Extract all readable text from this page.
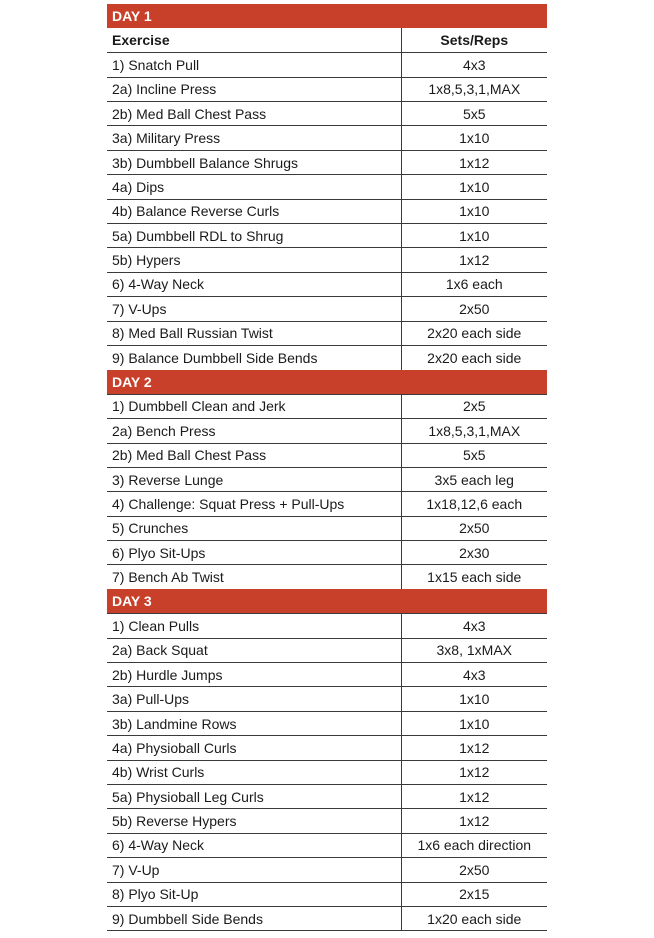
DAY 1	
Exercise	Sets/Reps
1) Snatch Pull	4x3
2a) Incline Press	1x8,5,3,1,MAX
2b) Med Ball Chest Pass	5x5
3a) Military Press	1x10
3b) Dumbbell Balance Shrugs	1x12
4a) Dips	1x10
4b) Balance Reverse Curls	1x10
5a) Dumbbell RDL to Shrug	1x10
5b) Hypers	1x12
6) 4-Way Neck	1x6 each
7) V-Ups	2x50
8) Med Ball Russian Twist	2x20 each side
9) Balance Dumbbell Side Bends	2x20 each side
DAY 2	
1) Dumbbell Clean and Jerk	2x5
2a) Bench Press	1x8,5,3,1,MAX
2b) Med Ball Chest Pass	5x5
3) Reverse Lunge	3x5 each leg
4) Challenge: Squat Press + Pull-Ups	1x18,12,6 each
5) Crunches	2x50
6) Plyo Sit-Ups	2x30
7) Bench Ab Twist	1x15 each side
DAY 3	
1) Clean Pulls	4x3
2a) Back Squat	3x8, 1xMAX
2b) Hurdle Jumps	4x3
3a) Pull-Ups	1x10
3b) Landmine Rows	1x10
4a) Physioball Curls	1x12
4b) Wrist Curls	1x12
5a) Physioball Leg Curls	1x12
5b) Reverse Hypers	1x12
6) 4-Way Neck	1x6 each direction
7) V-Up	2x50
8) Plyo Sit-Up	2x15
9) Dumbbell Side Bends	1x20 each side
